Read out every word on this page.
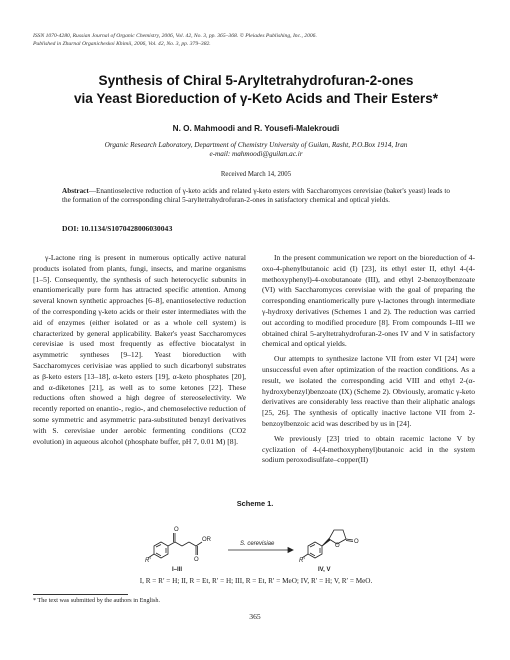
ISSN 1070-4280, Russian Journal of Organic Chemistry, 2006, Vol. 42, No. 3, pp. 365–368. © Pleiades Publishing, Inc., 2006.
Published in Zhurnal Organicheskoi Khimii, 2006, Vol. 42, No. 3, pp. 379–382.
Synthesis of Chiral 5-Aryltetrahydrofuran-2-ones
via Yeast Bioreduction of γ-Keto Acids and Their Esters*
N. O. Mahmoodi and R. Yousefi-Malekroudi
Organic Research Laboratory, Department of Chemistry University of Guilan, Rasht, P.O.Box 1914, Iran
e-mail: mahmoodi@guilan.ac.ir
Received March 14, 2005
Abstract—Enantioselective reduction of γ-keto acids and related γ-keto esters with Saccharomyces cerevisiae (baker's yeast) leads to the formation of the corresponding chiral 5-aryltetrahydrofuran-2-ones in satisfactory chemical and optical yields.
DOI: 10.1134/S107042800603004З

γ-Lactone ring is present in numerous optically active natural products isolated from plants, fungi, insects, and marine organisms [1–5]. Consequently, the synthesis of such heterocyclic subunits in enantiomerically pure form has attracted specific attention. Among several known synthetic approaches [6–8], enantioselective reduction of the corresponding γ-keto acids or their ester intermediates with the aid of enzymes (either isolated or as a whole cell system) is characterized by general applicability. Baker's yeast Saccharomyces cerevisiae is used most frequently as effective biocatalyst in asymmetric syntheses [9–12]. Yeast bioreduction with Saccharomyces cerivisiae was applied to such dicarbonyl substrates as β-keto esters [13–18], α-keto esters [19], α-keto phosphates [20], and α-diketones [21], as well as to some ketones [22]. These reductions often showed a high degree of stereoselectivity. We recently reported on enantio-, regio-, and chemoselective reduction of some symmetric and asymmetric para-substituted benzyl derivatives with S. cerevisiae under aerobic fermenting conditions (CO2 evolution) in aqueous alcohol (phosphate buffer, pH 7, 0.01 M) [8].

In the present communication we report on the bioreduction of 4-oxo-4-phenylbutanoic acid (I) [23], its ethyl ester II, ethyl 4-(4-methoxyphenyl)-4-oxobutanoate (III), and ethyl 2-benzoylbenzoate (VI) with Saccharomyces cerevisiae with the goal of preparing the corresponding enantiomerically pure γ-lactones through intermediate γ-hydroxy derivatives (Schemes 1 and 2). The reduction was carried out according to modified procedure [8]. From compounds I–III we obtained chiral 5-aryltetrahydrofuran-2-ones IV and V in satisfactory chemical and optical yields.

Our attempts to synthesize lactone VII from ester VI [24] were unsuccessful even after optimization of the reaction conditions. As a result, we isolated the corresponding acid VIII and ethyl 2-(α-hydroxybenzyl)benzoate (IX) (Scheme 2). Obviously, aromatic γ-keto derivatives are considerably less reactive than their aliphatic analogs [25, 26]. The synthesis of optically inactive lactone VII from 2-benzoylbenzoic acid was described by us in [24].

We previously [23] tried to obtain racemic lactone V by cyclization of 4-(4-methoxyphenyl)butanoic acid in the system sodium peroxodisulfate–copper(II)

Scheme 1.
R′
OR
O
O
I–III
S. cerevisiae
R′
O
O
IV, V
I, R = R′ = H; II, R = Et, R′ = H; III, R = Et, R′ = MeO; IV, R′ = H; V, R′ = MeO.
* The text was submitted by the authors in English.
365
